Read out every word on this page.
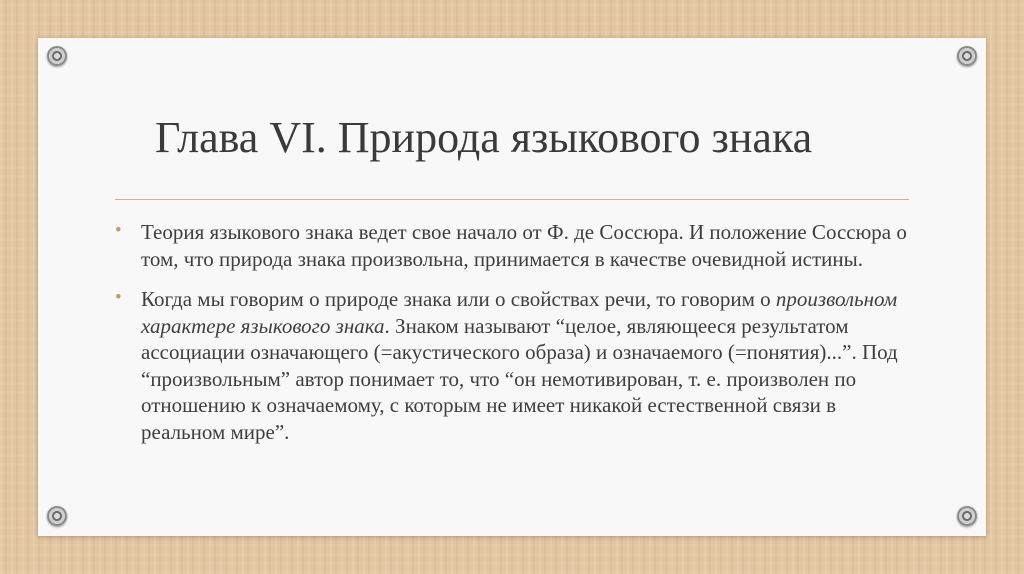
Глава VI. Природа языкового знака
• Теория языкового знака ведет свое начало от Ф. де Соссюра. И положение Соссюра о том, что природа знака произвольна, принимается в качестве очевидной истины.
• Когда мы говорим о природе знака или о свойствах речи, то говорим о произвольном характере языкового знака. Знаком называют “целое, являющееся результатом ассоциации означающего (=акустического образа) и означаемого (=понятия)...”. Под “произвольным” автор понимает то, что “он немотивирован, т. е. произволен по отношению к означаемому, с которым не имеет никакой естественной связи в реальном мире”.
